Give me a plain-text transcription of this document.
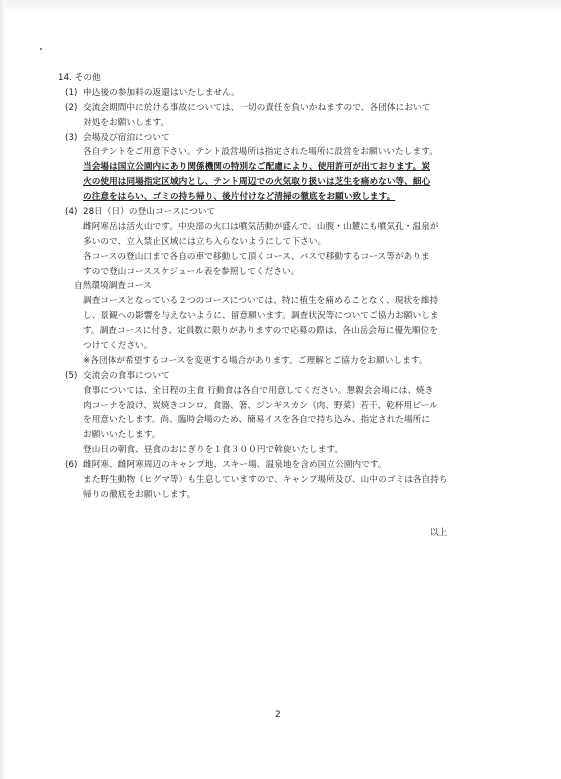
14. その他
(1) 申込後の参加料の返還はいたしません。
(2) 交流会期間中に於ける事故については、一切の責任を負いかねますので、各団体において
対処をお願いします。
(3) 会場及び宿泊について
各自テントをご用意下さい。テント設営場所は指定された場所に設営をお願いいたします。
当会場は国立公園内にあり関係機関の特別なご配慮により、使用許可が出ております。炭
火の使用は同場指定区域内とし、テント周辺での火気取り扱いは芝生を痛めない等、細心
の注意をはらい、ゴミの持ち帰り、後片付けなど清掃の徹底をお願い致します。
(4) 28日（日）の登山コースについて
雌阿寒岳は活火山です。中央部の火口は噴気活動が盛んで、山腹・山麓にも噴気孔・温泉が
多いので、立入禁止区域には立ち入らないようにして下さい。
各コースの登山口まで各自の車で移動して頂くコース、バスで移動するコース等がありま
すので登山コーススケジュール表を参照してください。
自然環境調査コース
調査コースとなっている２つのコースについては、特に植生を痛めることなく、現状を維持
し、景観への影響を与えないように、留意願います。調査状況等についてご協力お願いしま
す。調査コースに付き、定員数に限りがありますので応募の際は、各山岳会毎に優先順位を
つけてください。
※各団体が希望するコースを変更する場合があります。ご理解とご協力をお願いします。
(5) 交流会の食事について
食事については、全日程の主食 行動食は各自で用意してください。懇親会会場には、焼き
肉コーナを設け、炭焼きコンロ、食器、箸、ジンギスカン（肉、野菜）若干、乾杯用ビール
を用意いたします。尚、臨時会場のため、簡易イスを各自で持ち込み、指定された場所に
お願いいたします。
登山日の朝食、昼食のおにぎりを１食３００円で斡旋いたします。
(6) 雌阿寒、雌阿寒周辺のキャンプ地、スキー場、温泉地を含め国立公園内です。
また野生動物（ヒグマ等）も生息していますので、キャンプ場所及び、山中のゴミは各自持ち
帰りの徹底をお願いします。
以上
2
